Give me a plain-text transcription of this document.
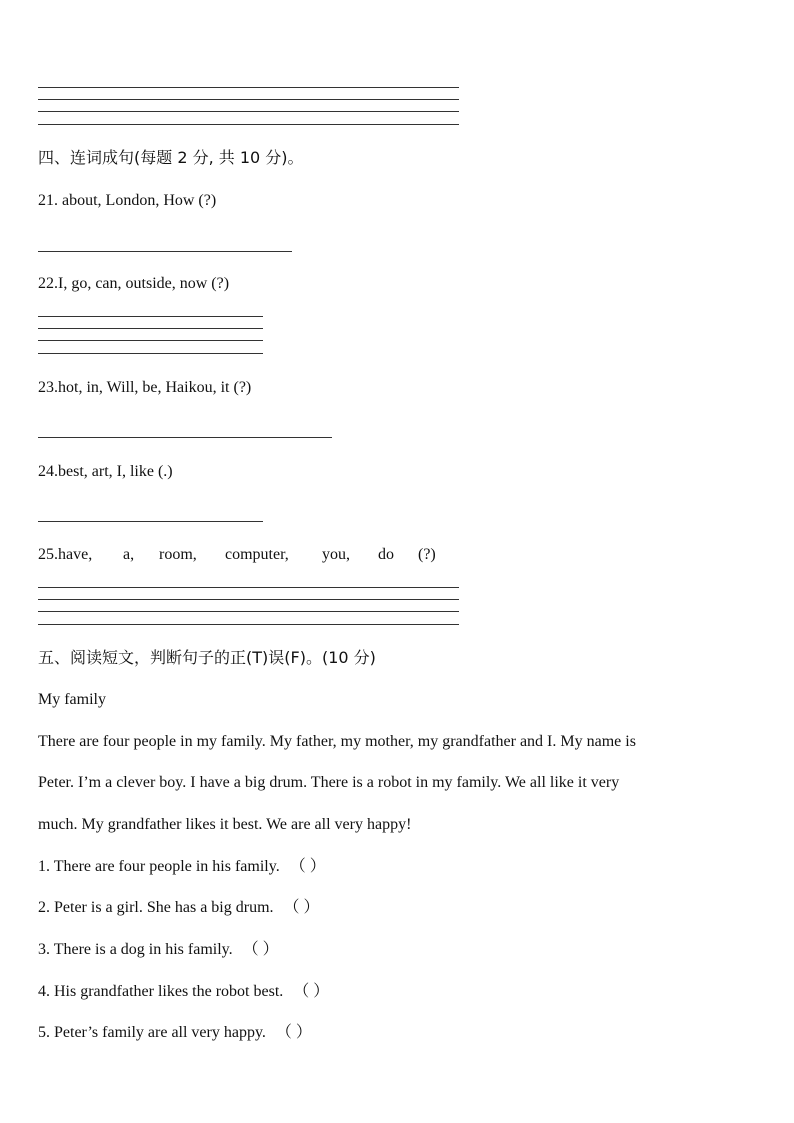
四、连词成句(每题 2 分, 共 10 分)。
21. about, London, How (?)
22.I, go, can, outside, now (?)
23.hot, in, Will, be, Haikou, it (?)
24.best, art, I, like (.)
25.have, a, room, computer, you, do (?)
五、阅读短文，判断句子的正(T)误(F)。(10 分)
My family
There are four people in my family. My father, my mother, my grandfather and I. My name is
Peter. I’m a clever boy. I have a big drum. There is a robot in my family. We all like it very
much. My grandfather likes it best. We are all very happy!
1. There are four people in his family. （ ）
2. Peter is a girl. She has a big drum. （ ）
3. There is a dog in his family. （ ）
4. His grandfather likes the robot best. （ ）
5. Peter’s family are all very happy. （ ）
